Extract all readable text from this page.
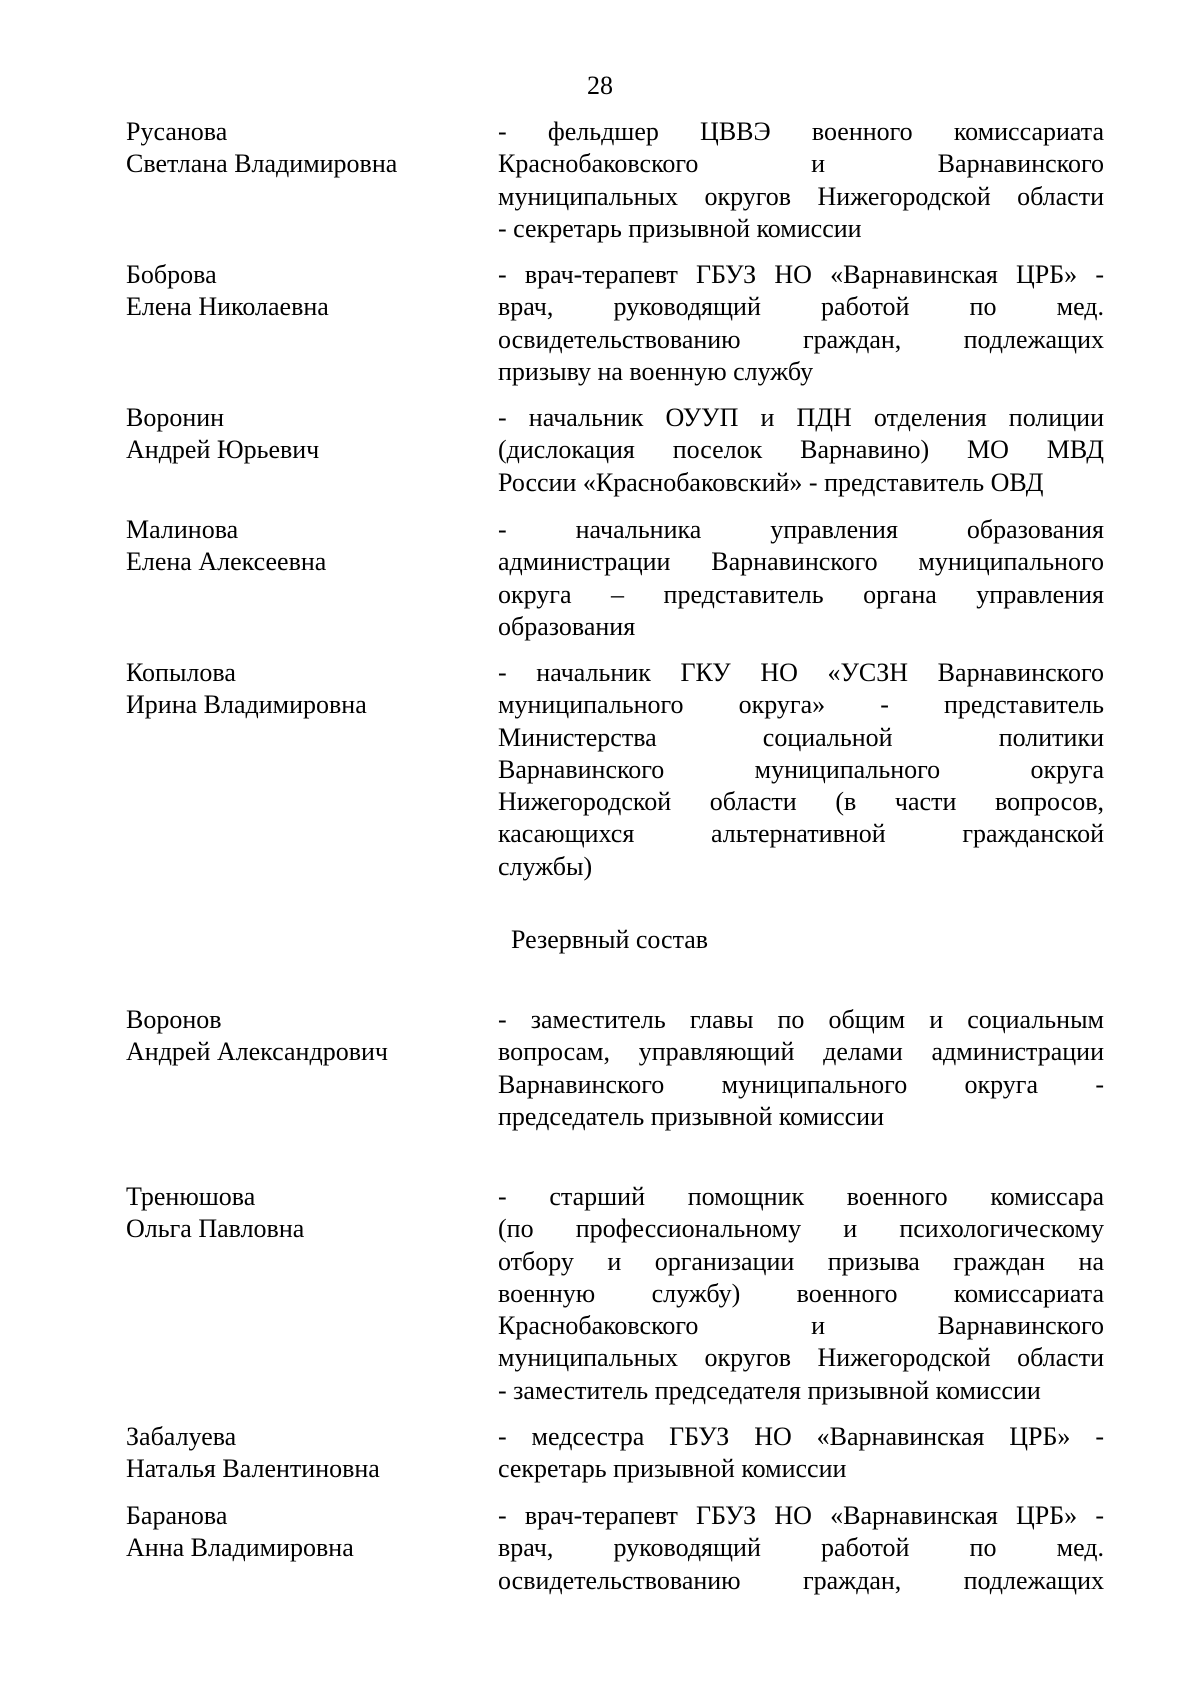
28
Русанова
Светлана Владимировна
- фельдшер ЦВВЭ военного комиссариата
Краснобаковского и Варнавинского
муниципальных округов Нижегородской области
- секретарь призывной комиссии
Боброва
Елена Николаевна
- врач-терапевт ГБУЗ НО «Варнавинская ЦРБ» -
врач, руководящий работой по мед.
освидетельствованию граждан, подлежащих
призыву на военную службу
Воронин
Андрей Юрьевич
- начальник ОУУП и ПДН отделения полиции
(дислокация поселок Варнавино) МО МВД
России «Краснобаковский» - представитель ОВД
Малинова
Елена Алексеевна
- начальника управления образования
администрации Варнавинского муниципального
округа – представитель органа управления
образования
Копылова
Ирина Владимировна
- начальник ГКУ НО «УСЗН Варнавинского
муниципального округа» - представитель
Министерства социальной политики
Варнавинского муниципального округа
Нижегородской области (в части вопросов,
касающихся альтернативной гражданской
службы)
Резервный состав
Воронов
Андрей Александрович
- заместитель главы по общим и социальным
вопросам, управляющий делами администрации
Варнавинского муниципального округа -
председатель призывной комиссии
Тренюшова
Ольга Павловна
- старший помощник военного комиссара
(по профессиональному и психологическому
отбору и организации призыва граждан на
военную службу) военного комиссариата
Краснобаковского и Варнавинского
муниципальных округов Нижегородской области
- заместитель председателя призывной комиссии
Забалуева
Наталья Валентиновна
- медсестра ГБУЗ НО «Варнавинская ЦРБ» -
секретарь призывной комиссии
Баранова
Анна Владимировна
- врач-терапевт ГБУЗ НО «Варнавинская ЦРБ» -
врач, руководящий работой по мед.
освидетельствованию граждан, подлежащих
